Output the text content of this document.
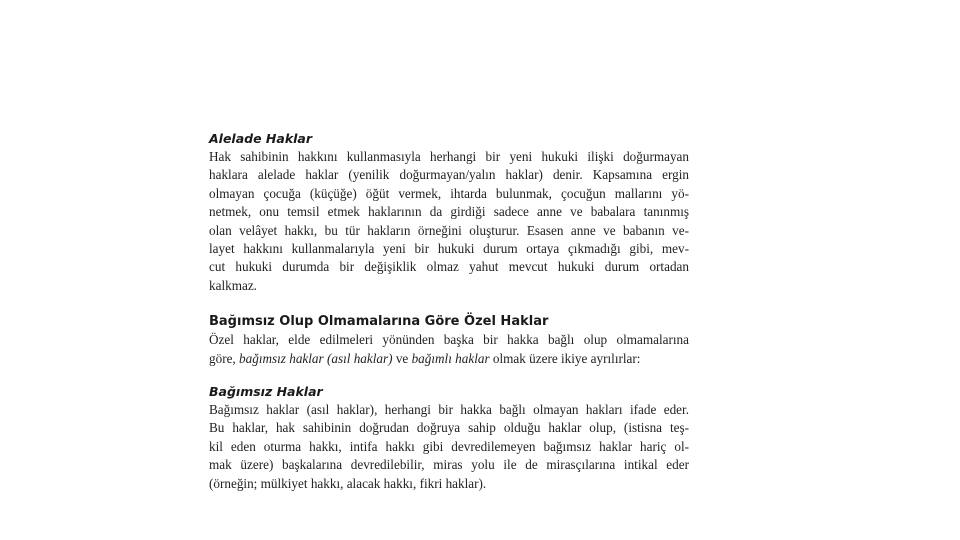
Alelade Haklar

Hak sahibinin hakkını kullanmasıyla herhangi bir yeni hukuki ilişki doğurmayan
haklara alelade haklar (yenilik doğurmayan/yalın haklar) denir. Kapsamına ergin
olmayan çocuğa (küçüğe) öğüt vermek, ihtarda bulunmak, çocuğun mallarını yö-
netmek, onu temsil etmek haklarının da girdiği sadece anne ve babalara tanınmış
olan velâyet hakkı, bu tür hakların örneğini oluşturur. Esasen anne ve babanın ve-
layet hakkını kullanmalarıyla yeni bir hukuki durum ortaya çıkmadığı gibi, mev-
cut hukuki durumda bir değişiklik olmaz yahut mevcut hukuki durum ortadan
kalkmaz.

Bağımsız Olup Olmamalarına Göre Özel Haklar

Özel haklar, elde edilmeleri yönünden başka bir hakka bağlı olup olmamalarına
göre, bağımsız haklar (asıl haklar) ve bağımlı haklar olmak üzere ikiye ayrılırlar:

Bağımsız Haklar

Bağımsız haklar (asıl haklar), herhangi bir hakka bağlı olmayan hakları ifade eder.
Bu haklar, hak sahibinin doğrudan doğruya sahip olduğu haklar olup, (istisna teş-
kil eden oturma hakkı, intifa hakkı gibi devredilemeyen bağımsız haklar hariç ol-
mak üzere) başkalarına devredilebilir, miras yolu ile de mirasçılarına intikal eder
(örneğin; mülkiyet hakkı, alacak hakkı, fikri haklar).
